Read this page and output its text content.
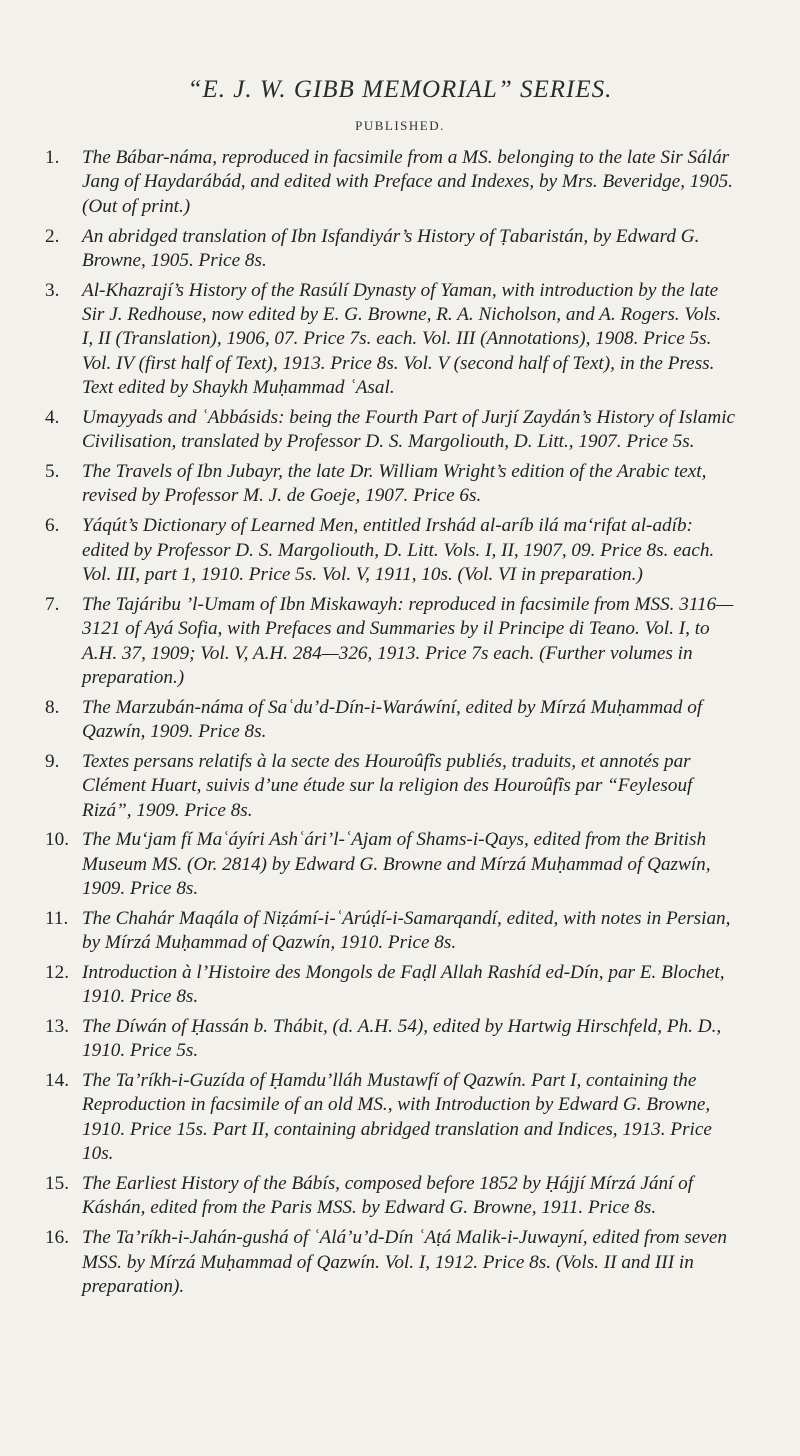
“E. J. W. GIBB MEMORIAL” SERIES.
PUBLISHED.
1. The Bábar-náma, reproduced in facsimile from a MS. belonging to the late Sir Sálár Jang of Haydarábád, and edited with Preface and Indexes, by Mrs. Beveridge, 1905. (Out of print.)
2. An abridged translation of Ibn Isfandiyár’s History of Ṭabaristán, by Edward G. Browne, 1905. Price 8s.
3. Al-Khazrají’s History of the Rasúlí Dynasty of Yaman, with introduction by the late Sir J. Redhouse, now edited by E. G. Browne, R. A. Nicholson, and A. Rogers. Vols. I, II (Translation), 1906, 07. Price 7s. each. Vol. III (Annotations), 1908. Price 5s. Vol. IV (first half of Text), 1913. Price 8s. Vol. V (second half of Text), in the Press. Text edited by Shaykh Muḥammad ʿAsal.
4. Umayyads and ʿAbbásids: being the Fourth Part of Jurjí Zaydán’s History of Islamic Civilisation, translated by Professor D. S. Margoliouth, D. Litt., 1907. Price 5s.
5. The Travels of Ibn Jubayr, the late Dr. William Wright’s edition of the Arabic text, revised by Professor M. J. de Goeje, 1907. Price 6s.
6. Yáqút’s Dictionary of Learned Men, entitled Irshád al-aríb ilá ma‘rifat al-adíb: edited by Professor D. S. Margoliouth, D. Litt. Vols. I, II, 1907, 09. Price 8s. each. Vol. III, part 1, 1910. Price 5s. Vol. V, 1911, 10s. (Vol. VI in preparation.)
7. The Tajáribu ’l-Umam of Ibn Miskawayh: reproduced in facsimile from MSS. 3116—3121 of Ayá Sofia, with Prefaces and Summaries by il Principe di Teano. Vol. I, to A.H. 37, 1909; Vol. V, A.H. 284—326, 1913. Price 7s each. (Further volumes in preparation.)
8. The Marzubán-náma of Saʿdu’d-Dín-i-Waráwíní, edited by Mírzá Muḥammad of Qazwín, 1909. Price 8s.
9. Textes persans relatifs à la secte des Houroûfîs publiés, traduits, et annotés par Clément Huart, suivis d’une étude sur la religion des Houroûfîs par “Feylesouf Rizá”, 1909. Price 8s.
10. The Mu‘jam fí Maʿáyíri Ashʿári’l-ʿAjam of Shams-i-Qays, edited from the British Museum MS. (Or. 2814) by Edward G. Browne and Mírzá Muḥammad of Qazwín, 1909. Price 8s.
11. The Chahár Maqála of Niẓámí-i-ʿArúḍí-i-Samarqandí, edited, with notes in Persian, by Mírzá Muḥammad of Qazwín, 1910. Price 8s.
12. Introduction à l’Histoire des Mongols de Faḍl Allah Rashíd ed-Dín, par E. Blochet, 1910. Price 8s.
13. The Díwán of Ḥassán b. Thábit, (d. A.H. 54), edited by Hartwig Hirschfeld, Ph. D., 1910. Price 5s.
14. The Ta’ríkh-i-Guzída of Ḥamdu’lláh Mustawfí of Qazwín. Part I, containing the Reproduction in facsimile of an old MS., with Introduction by Edward G. Browne, 1910. Price 15s. Part II, containing abridged translation and Indices, 1913. Price 10s.
15. The Earliest History of the Bábís, composed before 1852 by Ḥájjí Mírzá Jání of Káshán, edited from the Paris MSS. by Edward G. Browne, 1911. Price 8s.
16. The Ta’ríkh-i-Jahán-gushá of ʿAlá’u’d-Dín ʿAṭá Malik-i-Juwayní, edited from seven MSS. by Mírzá Muḥammad of Qazwín. Vol. I, 1912. Price 8s. (Vols. II and III in preparation).
